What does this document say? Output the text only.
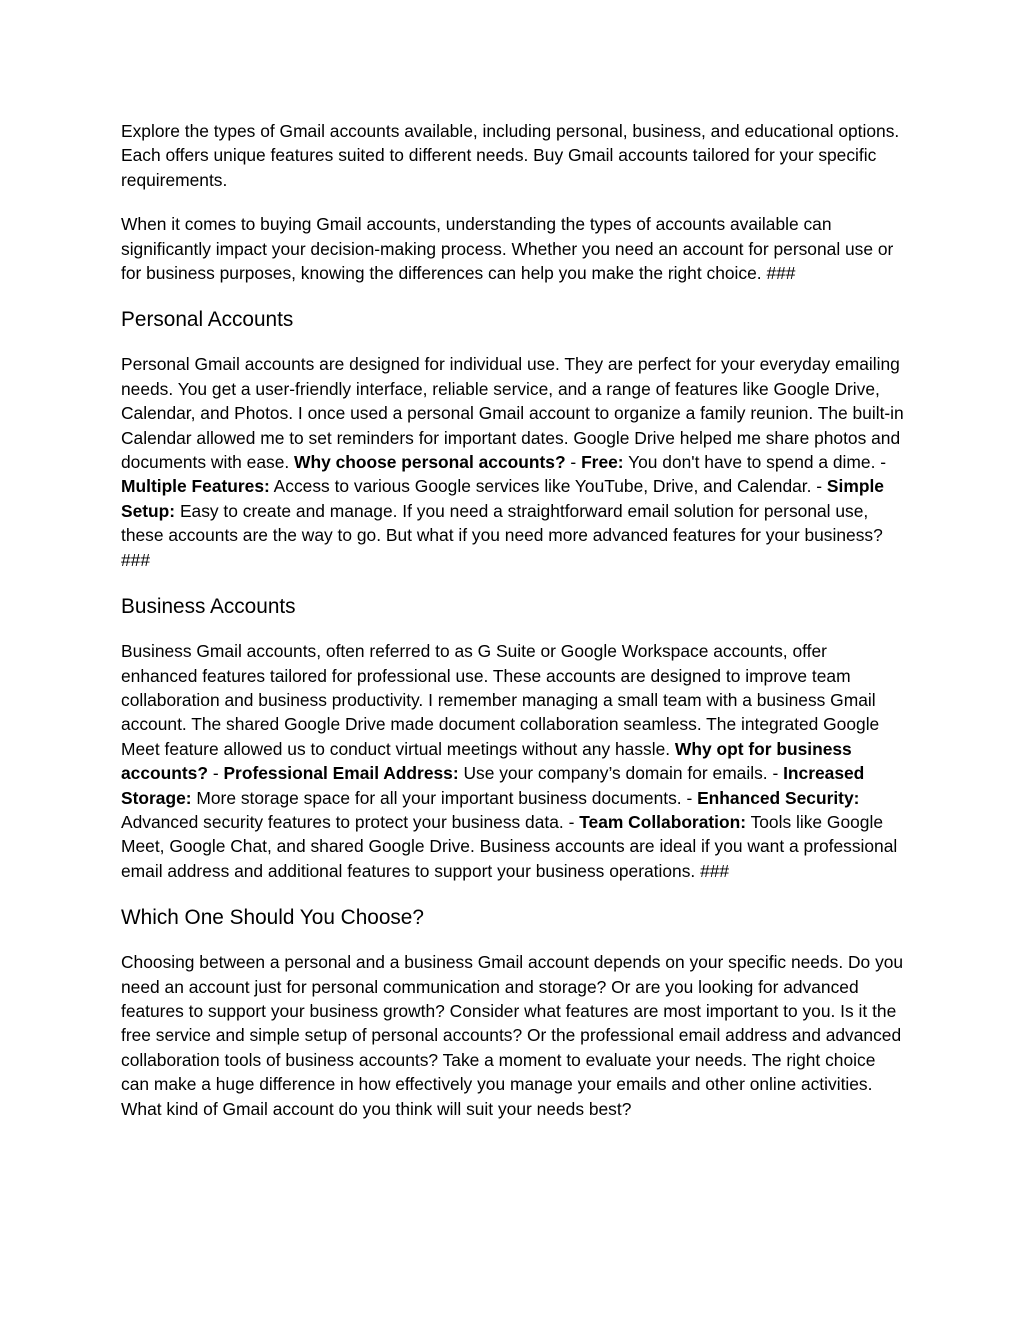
Explore the types of Gmail accounts available, including personal, business, and educational options. Each offers unique features suited to different needs. Buy Gmail accounts tailored for your specific requirements.

When it comes to buying Gmail accounts, understanding the types of accounts available can significantly impact your decision-making process. Whether you need an account for personal use or for business purposes, knowing the differences can help you make the right choice. ###

Personal Accounts

Personal Gmail accounts are designed for individual use. They are perfect for your everyday emailing needs. You get a user-friendly interface, reliable service, and a range of features like Google Drive, Calendar, and Photos. I once used a personal Gmail account to organize a family reunion. The built-in Calendar allowed me to set reminders for important dates. Google Drive helped me share photos and documents with ease. Why choose personal accounts? - Free: You don't have to spend a dime. - Multiple Features: Access to various Google services like YouTube, Drive, and Calendar. - Simple Setup: Easy to create and manage. If you need a straightforward email solution for personal use, these accounts are the way to go. But what if you need more advanced features for your business? ###

Business Accounts

Business Gmail accounts, often referred to as G Suite or Google Workspace accounts, offer enhanced features tailored for professional use. These accounts are designed to improve team collaboration and business productivity. I remember managing a small team with a business Gmail account. The shared Google Drive made document collaboration seamless. The integrated Google Meet feature allowed us to conduct virtual meetings without any hassle. Why opt for business accounts? - Professional Email Address: Use your company’s domain for emails. - Increased Storage: More storage space for all your important business documents. - Enhanced Security: Advanced security features to protect your business data. - Team Collaboration: Tools like Google Meet, Google Chat, and shared Google Drive. Business accounts are ideal if you want a professional email address and additional features to support your business operations. ###

Which One Should You Choose?

Choosing between a personal and a business Gmail account depends on your specific needs. Do you need an account just for personal communication and storage? Or are you looking for advanced features to support your business growth? Consider what features are most important to you. Is it the free service and simple setup of personal accounts? Or the professional email address and advanced collaboration tools of business accounts? Take a moment to evaluate your needs. The right choice can make a huge difference in how effectively you manage your emails and other online activities. What kind of Gmail account do you think will suit your needs best?
